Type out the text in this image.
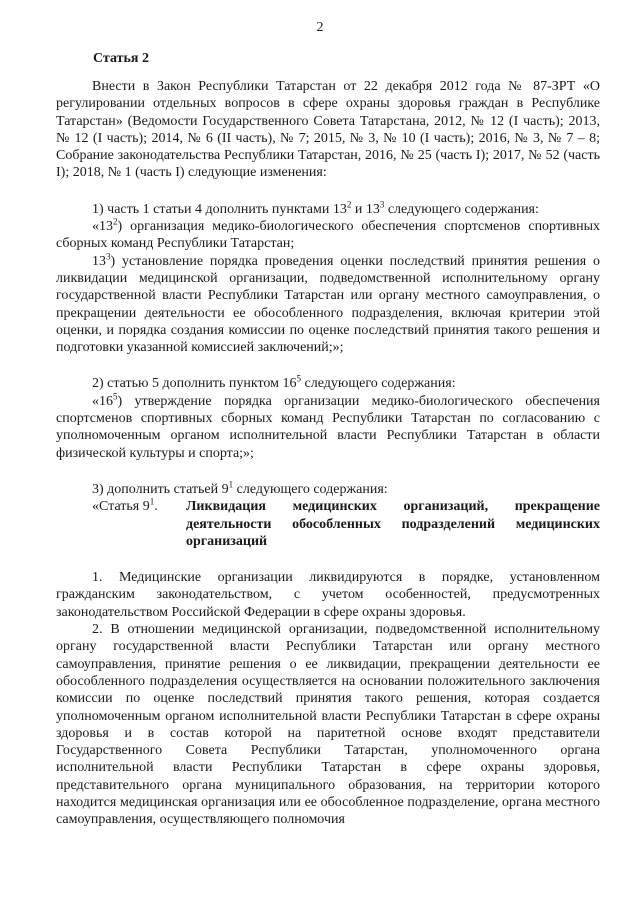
2
Статья 2

Внести в Закон Республики Татарстан от 22 декабря 2012 года № 87-ЗРТ «О регулировании отдельных вопросов в сфере охраны здоровья граждан в Республике Татарстан» (Ведомости Государственного Совета Татарстана, 2012, № 12 (I часть); 2013, № 12 (I часть); 2014, № 6 (II часть), № 7; 2015, № 3, № 10 (I часть); 2016, № 3, № 7 – 8; Собрание законодательства Республики Татарстан, 2016, № 25 (часть I); 2017, № 52 (часть I); 2018, № 1 (часть I) следующие изменения:

1) часть 1 статьи 4 дополнить пунктами $13^2$ и $13^3$ следующего содержания:

«$13^2$) организация медико-биологического обеспечения спортсменов спортивных сборных команд Республики Татарстан;

$13^3$) установление порядка проведения оценки последствий принятия решения о ликвидации медицинской организации, подведомственной исполнительному органу государственной власти Республики Татарстан или органу местного самоуправления, о прекращении деятельности ее обособленного подразделения, включая критерии этой оценки, и порядка создания комиссии по оценке последствий принятия такого решения и подготовки указанной комиссией заключений;»;

2) статью 5 дополнить пунктом $16^5$ следующего содержания:

«$16^5$) утверждение порядка организации медико-биологического обеспечения спортсменов спортивных сборных команд Республики Татарстан по согласованию с уполномоченным органом исполнительной власти Республики Татарстан в области физической культуры и спорта;»;

3) дополнить статьей $9^1$ следующего содержания:

«Статья $9^1$.	Ликвидация медицинских организаций, прекращение деятельности обособленных подразделений медицинских организаций

1. Медицинские организации ликвидируются в порядке, установленном гражданским законодательством, с учетом особенностей, предусмотренных законодательством Российской Федерации в сфере охраны здоровья.

2. В отношении медицинской организации, подведомственной исполнительному органу государственной власти Республики Татарстан или органу местного самоуправления, принятие решения о ее ликвидации, прекращении деятельности ее обособленного подразделения осуществляется на основании положительного заключения комиссии по оценке последствий принятия такого решения, которая создается уполномоченным органом исполнительной власти Республики Татарстан в сфере охраны здоровья и в состав которой на паритетной основе входят представители Государственного Совета Республики Татарстан, уполномоченного органа исполнительной власти Республики Татарстан в сфере охраны здоровья, представительного органа муниципального образования, на территории которого находится медицинская организация или ее обособленное подразделение, органа местного самоуправления, осуществляющего полномочия
